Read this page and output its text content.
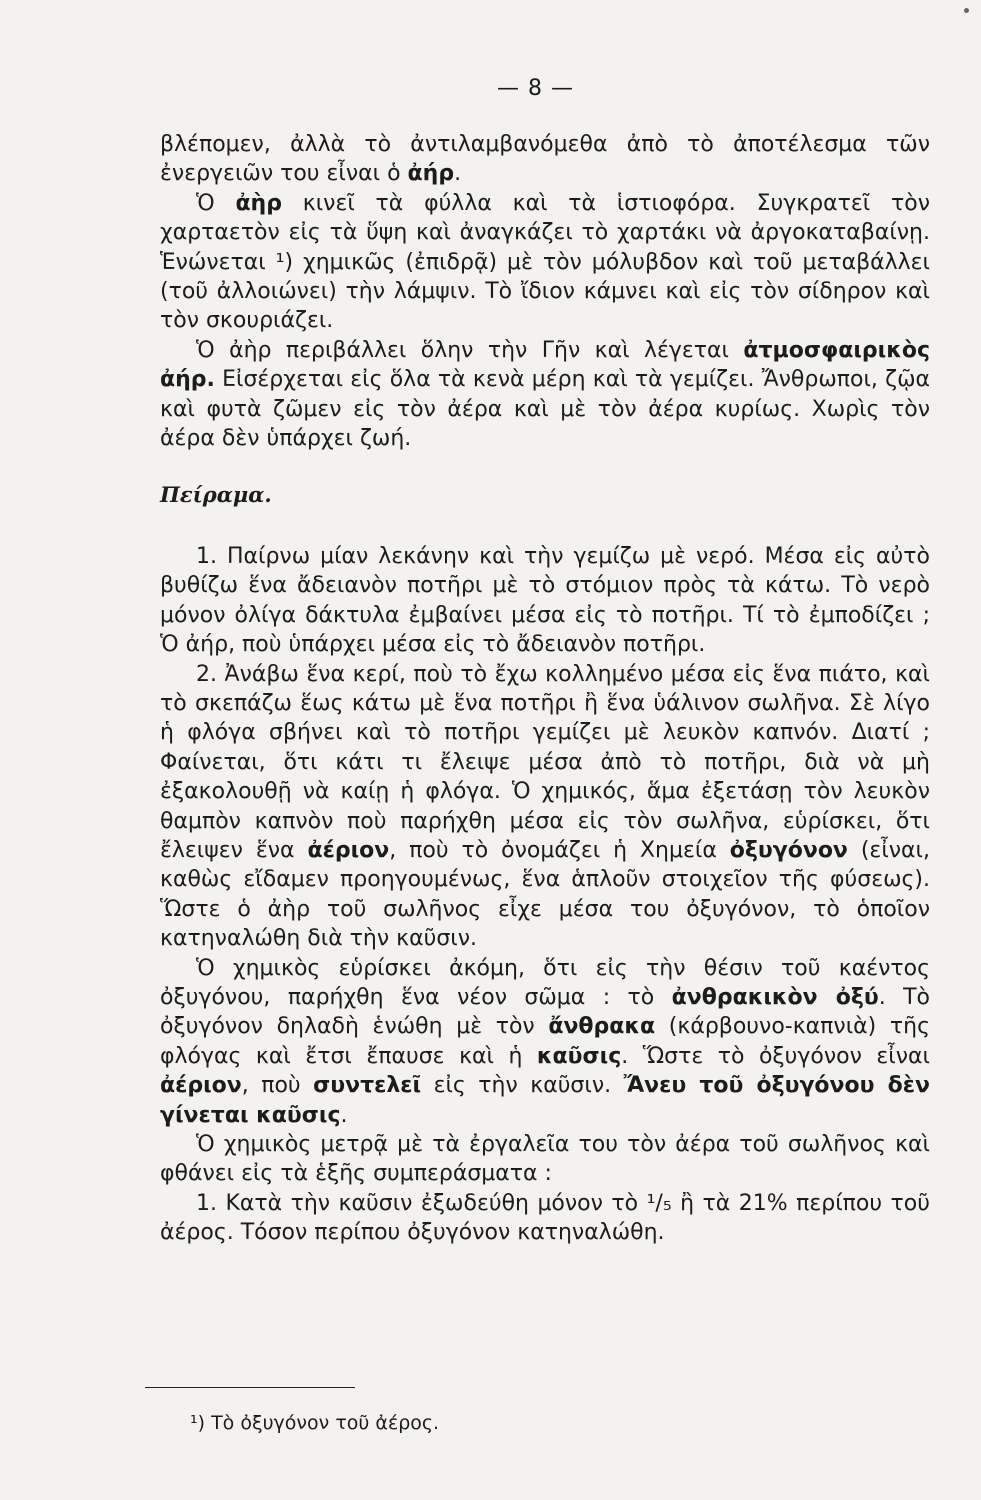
— 8 —

βλέπομεν, ἀλλὰ τὸ ἀντιλαμβανόμεθα ἀπὸ τὸ ἀποτέλεσμα τῶν ἐνεργειῶν του εἶναι ὁ ἀήρ.

Ὁ ἀὴρ κινεῖ τὰ φύλλα καὶ τὰ ἱστιοφόρα. Συγκρατεῖ τὸν χαρταετὸν εἰς τὰ ὕψη καὶ ἀναγκάζει τὸ χαρτάκι νὰ ἀργοκαταβαίνῃ. Ἑνώνεται ¹) χημικῶς (ἐπιδρᾷ) μὲ τὸν μόλυβδον καὶ τοῦ μεταβάλλει (τοῦ ἀλλοιώνει) τὴν λάμψιν. Τὸ ἴδιον κάμνει καὶ εἰς τὸν σίδηρον καὶ τὸν σκουριάζει.

Ὁ ἀὴρ περιβάλλει ὅλην τὴν Γῆν καὶ λέγεται ἀτμοσφαιρικὸς ἀήρ. Εἰσέρχεται εἰς ὅλα τὰ κενὰ μέρη καὶ τὰ γεμίζει. Ἄνθρωποι, ζῷα καὶ φυτὰ ζῶμεν εἰς τὸν ἀέρα καὶ μὲ τὸν ἀέρα κυρίως. Χωρὶς τὸν ἀέρα δὲν ὑπάρχει ζωή.

Πείραμα.

1. Παίρνω μίαν λεκάνην καὶ τὴν γεμίζω μὲ νερό. Μέσα εἰς αὐτὸ βυθίζω ἕνα ἄδειανὸν ποτῆρι μὲ τὸ στόμιον πρὸς τὰ κάτω. Τὸ νερὸ μόνον ὀλίγα δάκτυλα ἐμβαίνει μέσα εἰς τὸ ποτῆρι. Τί τὸ ἐμποδίζει ; Ὁ ἀήρ, ποὺ ὑπάρχει μέσα εἰς τὸ ἄδειανὸν ποτῆρι.

2. Ἀνάβω ἕνα κερί, ποὺ τὸ ἔχω κολλημένο μέσα εἰς ἕνα πιάτο, καὶ τὸ σκεπάζω ἕως κάτω μὲ ἕνα ποτῆρι ἢ ἕνα ὑάλινον σωλῆνα. Σὲ λίγο ἡ φλόγα σβήνει καὶ τὸ ποτῆρι γεμίζει μὲ λευκὸν καπνόν. Διατί ; Φαίνεται, ὅτι κάτι τι ἔλειψε μέσα ἀπὸ τὸ ποτῆρι, διὰ νὰ μὴ ἐξακολουθῇ νὰ καίῃ ἡ φλόγα. Ὁ χημικός, ἅμα ἐξετάσῃ τὸν λευκὸν θαμπὸν καπνὸν ποὺ παρήχθη μέσα εἰς τὸν σωλῆνα, εὑρίσκει, ὅτι ἔλειψεν ἕνα ἀέριον, ποὺ τὸ ὀνομάζει ἡ Χημεία ὀξυγόνον (εἶναι, καθὼς εἴδαμεν προηγουμένως, ἕνα ἁπλοῦν στοιχεῖον τῆς φύσεως). Ὥστε ὁ ἀὴρ τοῦ σωλῆνος εἶχε μέσα του ὀξυγόνον, τὸ ὁποῖον κατηναλώθη διὰ τὴν καῦσιν.

Ὁ χημικὸς εὑρίσκει ἀκόμη, ὅτι εἰς τὴν θέσιν τοῦ καέντος ὀξυγόνου, παρήχθη ἕνα νέον σῶμα : τὸ ἀνθρακικὸν ὀξύ. Τὸ ὀξυγόνον δηλαδὴ ἑνώθη μὲ τὸν ἄνθρακα (κάρβουνο-καπνιὰ) τῆς φλόγας καὶ ἔτσι ἔπαυσε καὶ ἡ καῦσις. Ὥστε τὸ ὀξυγόνον εἶναι ἀέριον, ποὺ συντελεῖ εἰς τὴν καῦσιν. Ἄνευ τοῦ ὀξυγόνου δὲν γίνεται καῦσις.

Ὁ χημικὸς μετρᾷ μὲ τὰ ἐργαλεῖα του τὸν ἀέρα τοῦ σωλῆνος καὶ φθάνει εἰς τὰ ἑξῆς συμπεράσματα :

1. Κατὰ τὴν καῦσιν ἐξωδεύθη μόνον τὸ ¹/₅ ἢ τὰ 21% περίπου τοῦ ἀέρος. Τόσον περίπου ὀξυγόνον κατηναλώθη.

¹) Τὸ ὀξυγόνον τοῦ ἀέρος.
